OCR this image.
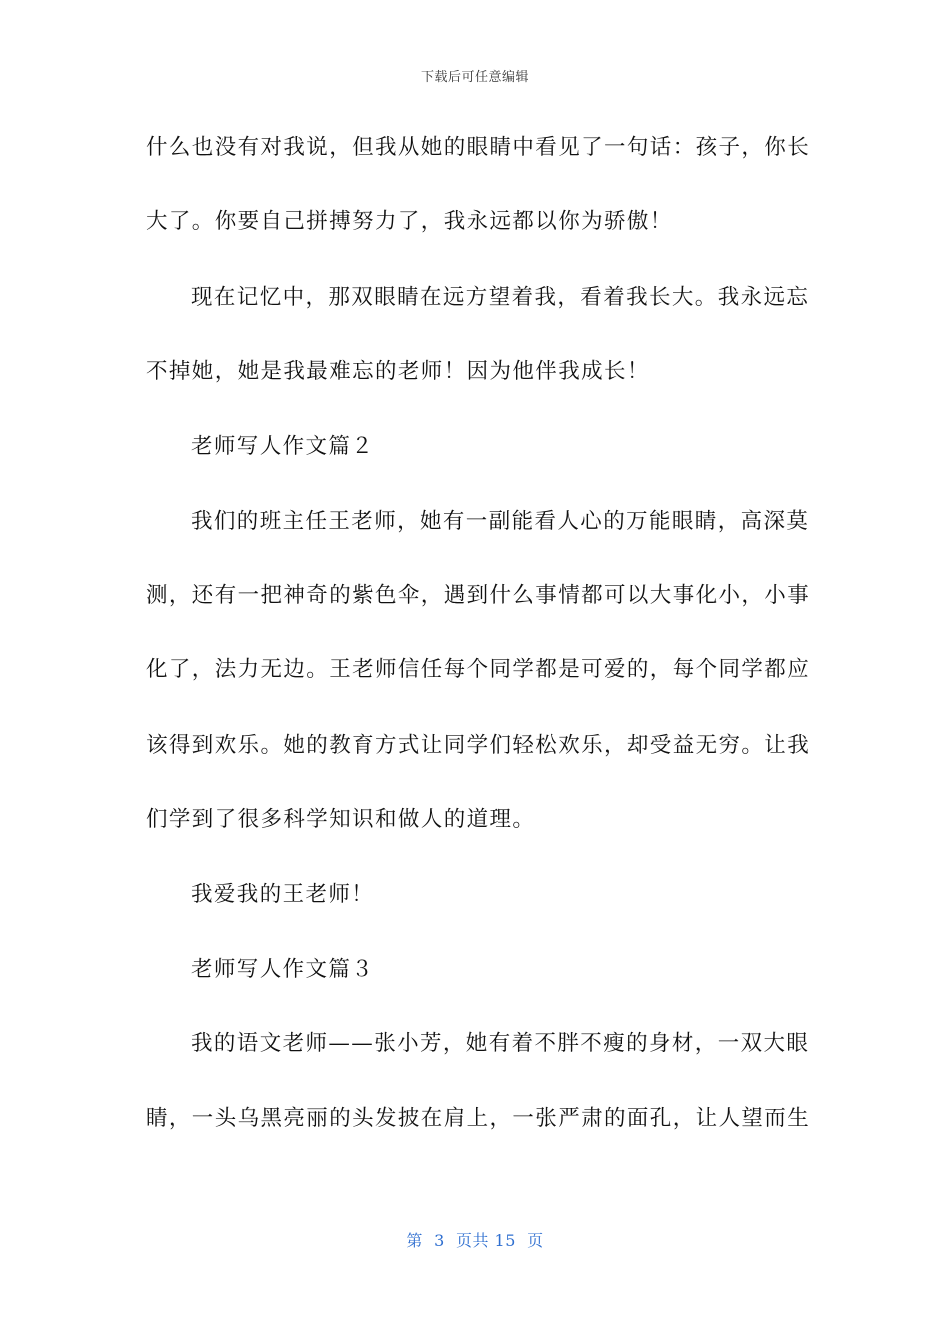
下载后可任意编辑
什么也没有对我说，但我从她的眼睛中看见了一句话：孩子，你长
大了。你要自己拼搏努力了，我永远都以你为骄傲！
现在记忆中，那双眼睛在远方望着我，看着我长大。我永远忘
不掉她，她是我最难忘的老师！因为他伴我成长！
老师写人作文篇２
我们的班主任王老师，她有一副能看人心的万能眼睛，高深莫
测，还有一把神奇的紫色伞，遇到什么事情都可以大事化小，小事
化了，法力无边。王老师信任每个同学都是可爱的，每个同学都应
该得到欢乐。她的教育方式让同学们轻松欢乐，却受益无穷。让我
们学到了很多科学知识和做人的道理。
我爱我的王老师！
老师写人作文篇３
我的语文老师——张小芳，她有着不胖不瘦的身材，一双大眼
睛，一头乌黑亮丽的头发披在肩上，一张严肃的面孔，让人望而生
第  3  页共 15  页
